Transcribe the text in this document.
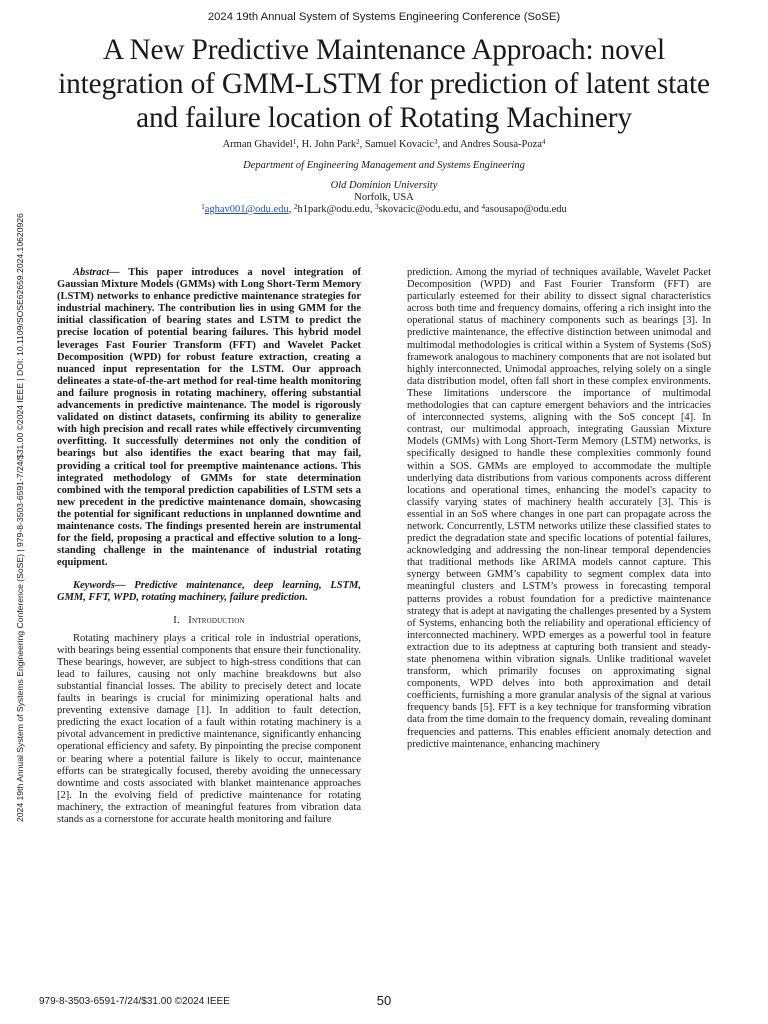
2024 19th Annual System of Systems Engineering Conference (SoSE)
A New Predictive Maintenance Approach: novel integration of GMM-LSTM for prediction of latent state and failure location of Rotating Machinery
Arman Ghavidel$^1$, H. John Park$^2$, Samuel Kovacic$^3$, and Andres Sousa-Poza$^4$
Department of Engineering Management and Systems Engineering
Old Dominion University
Norfolk, USA
$^1$aghav001@odu.edu, $^2$h1park@odu.edu, $^3$skovacic@odu.edu, and $^4$asousapo@odu.edu
2024 19th Annual System of Systems Engineering Conference (SoSE) | 979-8-3503-6591-7/24/$31.00 ©2024 IEEE | DOI: 10.1109/SOSE62659.2024.10620926	Abstract— This paper introduces a novel integration of Gaussian Mixture Models (GMMs) with Long Short-Term Memory (LSTM) networks to enhance predictive maintenance strategies for industrial machinery. The contribution lies in using GMM for the initial classification of bearing states and LSTM to predict the precise location of potential bearing failures. This hybrid model leverages Fast Fourier Transform (FFT) and Wavelet Packet Decomposition (WPD) for robust feature extraction, creating a nuanced input representation for the LSTM. Our approach delineates a state-of-the-art method for real-time health monitoring and failure prognosis in rotating machinery, offering substantial advancements in predictive maintenance. The model is rigorously validated on distinct datasets, confirming its ability to generalize with high precision and recall rates while effectively circumventing overfitting. It successfully determines not only the condition of bearings but also identifies the exact bearing that may fail, providing a critical tool for preemptive maintenance actions. This integrated methodology of GMMs for state determination combined with the temporal prediction capabilities of LSTM sets a new precedent in the predictive maintenance domain, showcasing the potential for significant reductions in unplanned downtime and maintenance costs. The findings presented herein are instrumental for the field, proposing a practical and effective solution to a long-standing challenge in the maintenance of industrial rotating equipment.

Keywords— Predictive maintenance, deep learning, LSTM, GMM, FFT, WPD, rotating machinery, failure prediction.

I. Introduction

Rotating machinery plays a critical role in industrial operations, with bearings being essential components that ensure their functionality. These bearings, however, are subject to high-stress conditions that can lead to failures, causing not only machine breakdowns but also substantial financial losses. The ability to precisely detect and locate faults in bearings is crucial for minimizing operational halts and preventing extensive damage [1]. In addition to fault detection, predicting the exact location of a fault within rotating machinery is a pivotal advancement in predictive maintenance, significantly enhancing operational efficiency and safety. By pinpointing the precise component or bearing where a potential failure is likely to occur, maintenance efforts can be strategically focused, thereby avoiding the unnecessary downtime and costs associated with blanket maintenance approaches [2]. In the evolving field of predictive maintenance for rotating machinery, the extraction of meaningful features from vibration data stands as a cornerstone for accurate health monitoring and failure

prediction. Among the myriad of techniques available, Wavelet Packet Decomposition (WPD) and Fast Fourier Transform (FFT) are particularly esteemed for their ability to dissect signal characteristics across both time and frequency domains, offering a rich insight into the operational status of machinery components such as bearings [3]. In predictive maintenance, the effective distinction between unimodal and multimodal methodologies is critical within a System of Systems (SoS) framework analogous to machinery components that are not isolated but highly interconnected. Unimodal approaches, relying solely on a single data distribution model, often fall short in these complex environments. These limitations underscore the importance of multimodal methodologies that can capture emergent behaviors and the intricacies of interconnected systems, aligning with the SoS concept [4]. In contrast, our multimodal approach, integrating Gaussian Mixture Models (GMMs) with Long Short-Term Memory (LSTM) networks, is specifically designed to handle these complexities commonly found within a SOS. GMMs are employed to accommodate the multiple underlying data distributions from various components across different locations and operational times, enhancing the model's capacity to classify varying states of machinery health accurately [3]. This is essential in an SoS where changes in one part can propagate across the network. Concurrently, LSTM networks utilize these classified states to predict the degradation state and specific locations of potential failures, acknowledging and addressing the non-linear temporal dependencies that traditional methods like ARIMA models cannot capture. This synergy between GMM’s capability to segment complex data into meaningful clusters and LSTM’s prowess in forecasting temporal patterns provides a robust foundation for a predictive maintenance strategy that is adept at navigating the challenges presented by a System of Systems, enhancing both the reliability and operational efficiency of interconnected machinery. WPD emerges as a powerful tool in feature extraction due to its adeptness at capturing both transient and steady-state phenomena within vibration signals. Unlike traditional wavelet transform, which primarily focuses on approximating signal components, WPD delves into both approximation and detail coefficients, furnishing a more granular analysis of the signal at various frequency bands [5]. FFT is a key technique for transforming vibration data from the time domain to the frequency domain, revealing dominant frequencies and patterns. This enables efficient anomaly detection and predictive maintenance, enhancing machinery

979-8-3503-6591-7/24/$31.00 ©2024 IEEE	50
